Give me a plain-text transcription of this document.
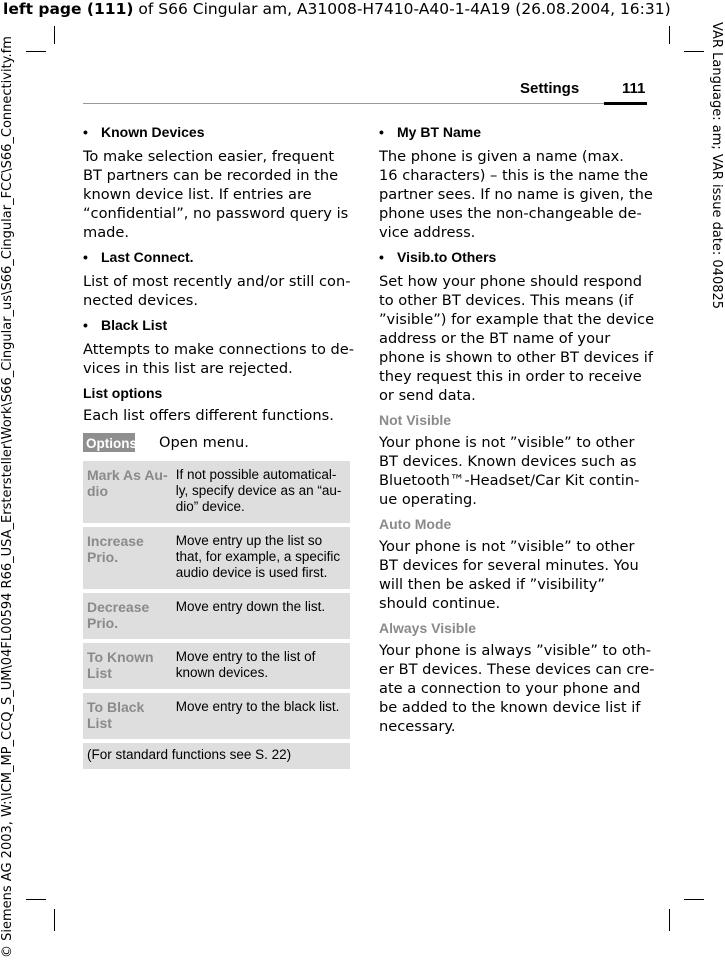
left page (111) of S66 Cingular am, A31008-H7410-A40-1-4A19 (26.08.2004, 16:31)
© Siemens AG 2003, W:\ICM_MP_CCQ_S_UM\04FL00594 R66_USA_Erstersteller\Work\S66_Cingular_us\S66_Cingular_FCC\S66_Connectivity.fm	VAR Language: am; VAR issue date: 040825
Settings	111
• Known Devices
To make selection easier, frequent
BT partners can be recorded in the
known device list. If entries are
“confidential”, no password query is
made.
• Last Connect.
List of most recently and/or still con-
nected devices.
• Black List
Attempts to make connections to de-
vices in this list are rejected.
List options
Each list offers different functions.
Options Open menu.
Mark As Au-
dio	If not possible automatical-
ly, specify device as an “au-
dio” device.

Increase
Prio.	Move entry up the list so
that, for example, a specific
audio device is used first.

Decrease
Prio.	Move entry down the list.

To Known
List	Move entry to the list of
known devices.

To Black
List	Move entry to the black list.

(For standard functions see S. 22)	
• My BT Name
The phone is given a name (max.
16 characters) – this is the name the
partner sees. If no name is given, the
phone uses the non-changeable de-
vice address.
• Visib.to Others
Set how your phone should respond
to other BT devices. This means (if
”visible”) for example that the device
address or the BT name of your
phone is shown to other BT devices if
they request this in order to receive
or send data.
Not Visible
Your phone is not ”visible” to other
BT devices. Known devices such as
Bluetooth™-Headset/Car Kit contin-
ue operating.
Auto Mode
Your phone is not ”visible” to other
BT devices for several minutes. You
will then be asked if ”visibility”
should continue.
Always Visible
Your phone is always ”visible” to oth-
er BT devices. These devices can cre-
ate a connection to your phone and
be added to the known device list if
necessary.
